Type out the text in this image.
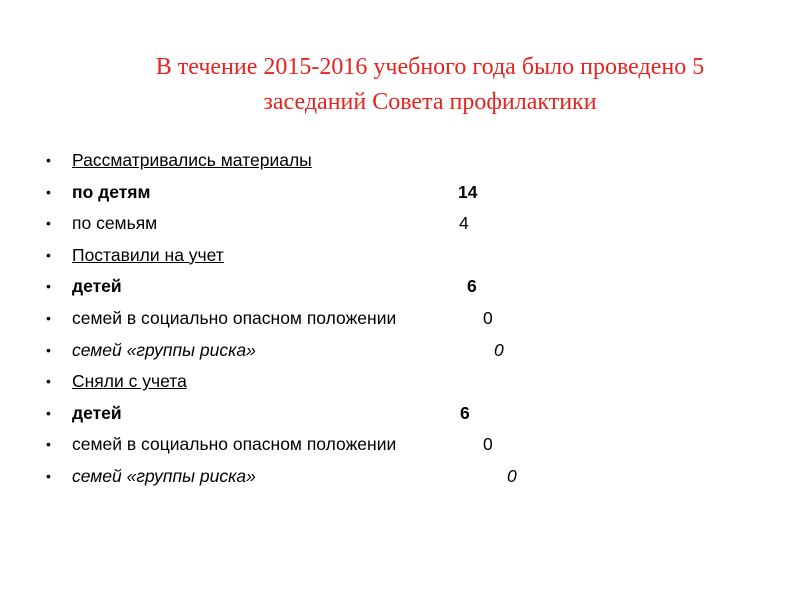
В течение 2015-2016 учебного года было проведено 5
заседаний Совета профилактики
• Рассматривались материалы
• по детям	14
• по семьям	4
• Поставили на учет
• детей	6
• семей в социально опасном положении	0
• семей «группы риска»	0
• Сняли с учета
• детей	6
• семей в социально опасном положении	0
• семей «группы риска»	0
